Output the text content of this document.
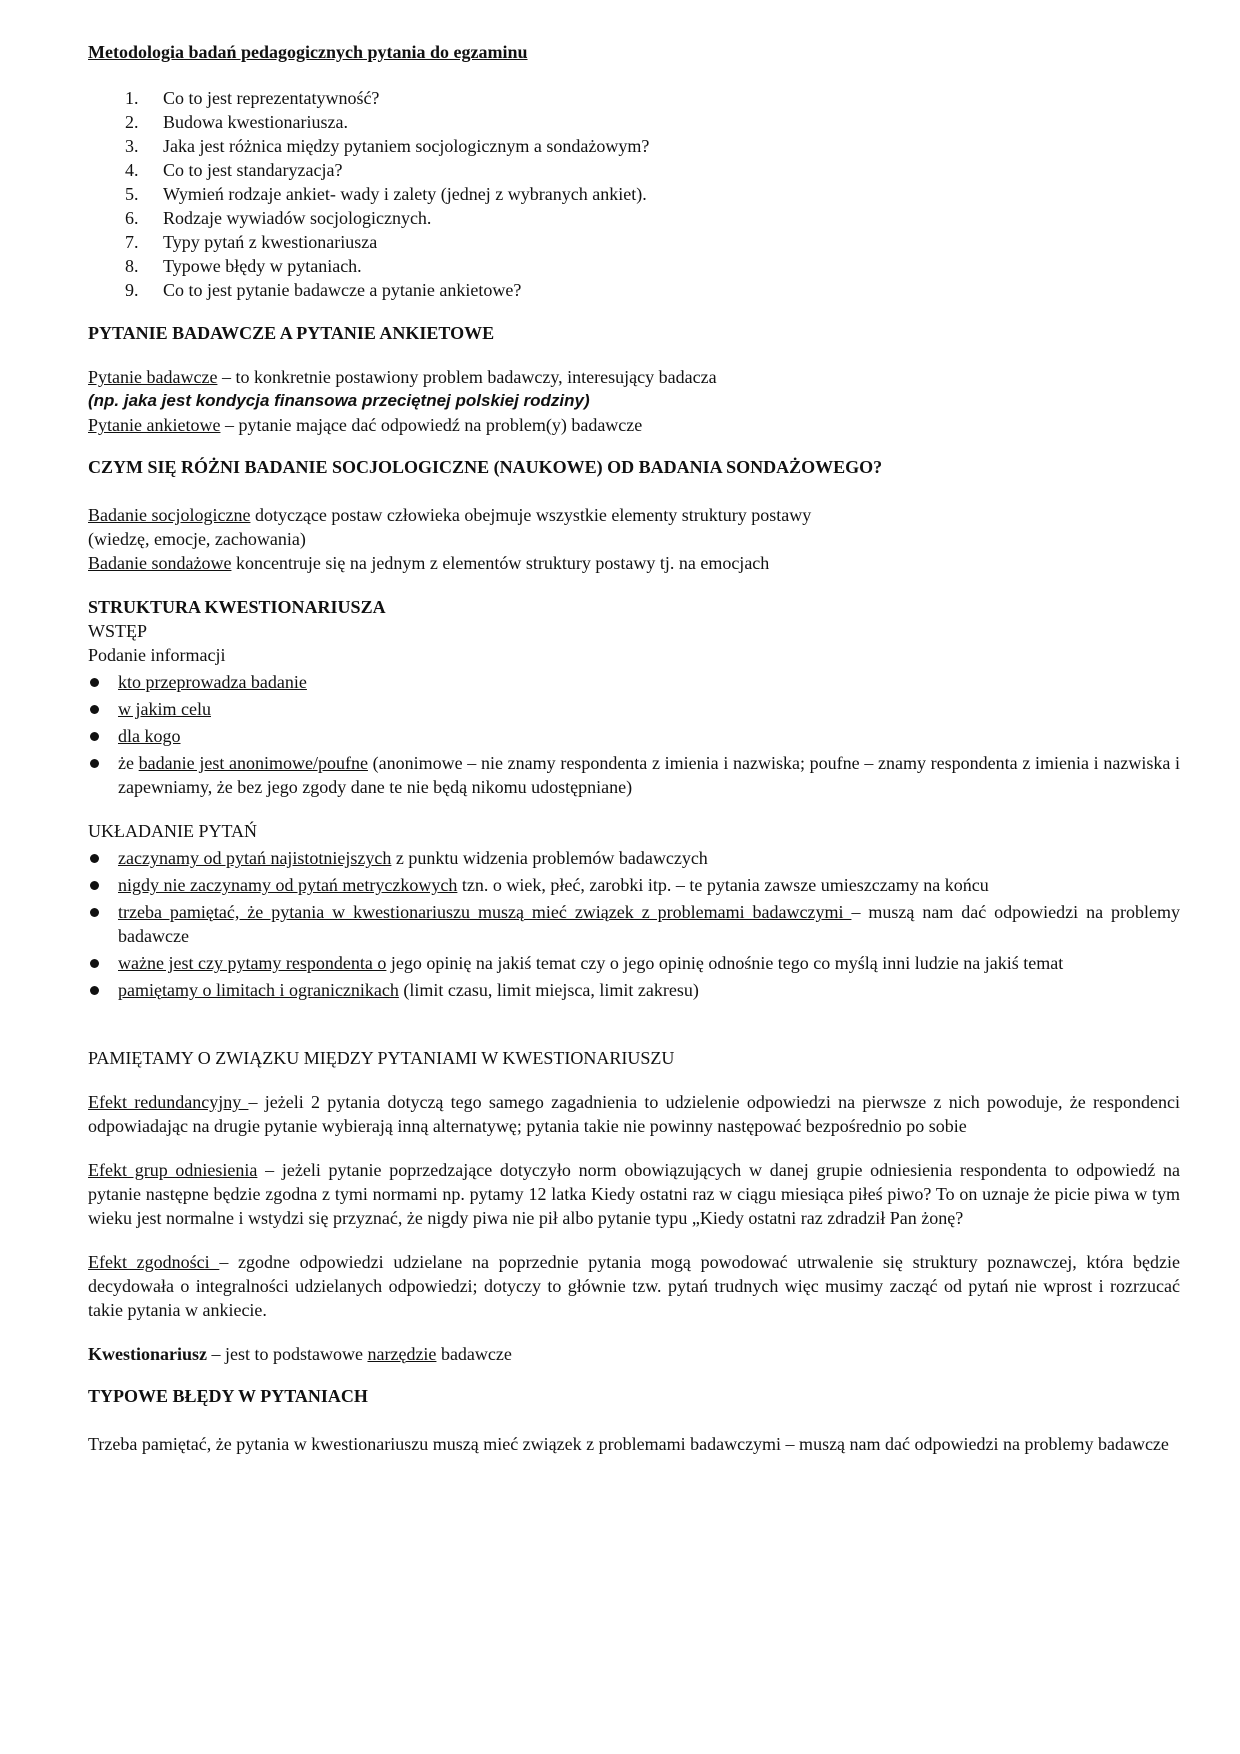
Metodologia badań pedagogicznych pytania do egzaminu

1. Co to jest reprezentatywność?
2. Budowa kwestionariusza.
3. Jaka jest różnica między pytaniem socjologicznym a sondażowym?
4. Co to jest standaryzacja?
5. Wymień rodzaje ankiet- wady i zalety (jednej z wybranych ankiet).
6. Rodzaje wywiadów socjologicznych.
7. Typy pytań z kwestionariusza
8. Typowe błędy w pytaniach.
9. Co to jest pytanie badawcze a pytanie ankietowe?

PYTANIE BADAWCZE A PYTANIE ANKIETOWE

Pytanie badawcze – to konkretnie postawiony problem badawczy, interesujący badacza

(np. jaka jest kondycja finansowa przeciętnej polskiej rodziny)

Pytanie ankietowe – pytanie mające dać odpowiedź na problem(y) badawcze

CZYM SIĘ RÓŻNI BADANIE SOCJOLOGICZNE (NAUKOWE) OD BADANIA SONDAŻOWEGO?

Badanie socjologiczne dotyczące postaw człowieka obejmuje wszystkie elementy struktury postawy

(wiedzę, emocje, zachowania)

Badanie sondażowe koncentruje się na jednym z elementów struktury postawy tj. na emocjach

STRUKTURA KWESTIONARIUSZA

WSTĘP

Podanie informacji

kto przeprowadza badanie
w jakim celu
dla kogo
że badanie jest anonimowe/poufne (anonimowe – nie znamy respondenta z imienia i nazwiska; poufne – znamy respondenta z imienia i nazwiska i zapewniamy, że bez jego zgody dane te nie będą nikomu udostępniane)

UKŁADANIE PYTAŃ

zaczynamy od pytań najistotniejszych z punktu widzenia problemów badawczych
nigdy nie zaczynamy od pytań metryczkowych tzn. o wiek, płeć, zarobki itp. – te pytania zawsze umieszczamy na końcu
trzeba pamiętać, że pytania w kwestionariuszu muszą mieć związek z problemami badawczymi – muszą nam dać odpowiedzi na problemy badawcze
ważne jest czy pytamy respondenta o jego opinię na jakiś temat czy o jego opinię odnośnie tego co myślą inni ludzie na jakiś temat
pamiętamy o limitach i ogranicznikach (limit czasu, limit miejsca, limit zakresu)

PAMIĘTAMY O ZWIĄZKU MIĘDZY PYTANIAMI W KWESTIONARIUSZU

Efekt redundancyjny – jeżeli 2 pytania dotyczą tego samego zagadnienia to udzielenie odpowiedzi na pierwsze z nich powoduje, że respondenci odpowiadając na drugie pytanie wybierają inną alternatywę; pytania takie nie powinny następować bezpośrednio po sobie

Efekt grup odniesienia – jeżeli pytanie poprzedzające dotyczyło norm obowiązujących w danej grupie odniesienia respondenta to odpowiedź na pytanie następne będzie zgodna z tymi normami np. pytamy 12 latka Kiedy ostatni raz w ciągu miesiąca piłeś piwo? To on uznaje że picie piwa w tym wieku jest normalne i wstydzi się przyznać, że nigdy piwa nie pił albo pytanie typu „Kiedy ostatni raz zdradził Pan żonę?

Efekt zgodności – zgodne odpowiedzi udzielane na poprzednie pytania mogą powodować utrwalenie się struktury poznawczej, która będzie decydowała o integralności udzielanych odpowiedzi; dotyczy to głównie tzw. pytań trudnych więc musimy zacząć od pytań nie wprost i rozrzucać takie pytania w ankiecie.

Kwestionariusz – jest to podstawowe narzędzie badawcze

TYPOWE BŁĘDY W PYTANIACH

Trzeba pamiętać, że pytania w kwestionariuszu muszą mieć związek z problemami badawczymi – muszą nam dać odpowiedzi na problemy badawcze
